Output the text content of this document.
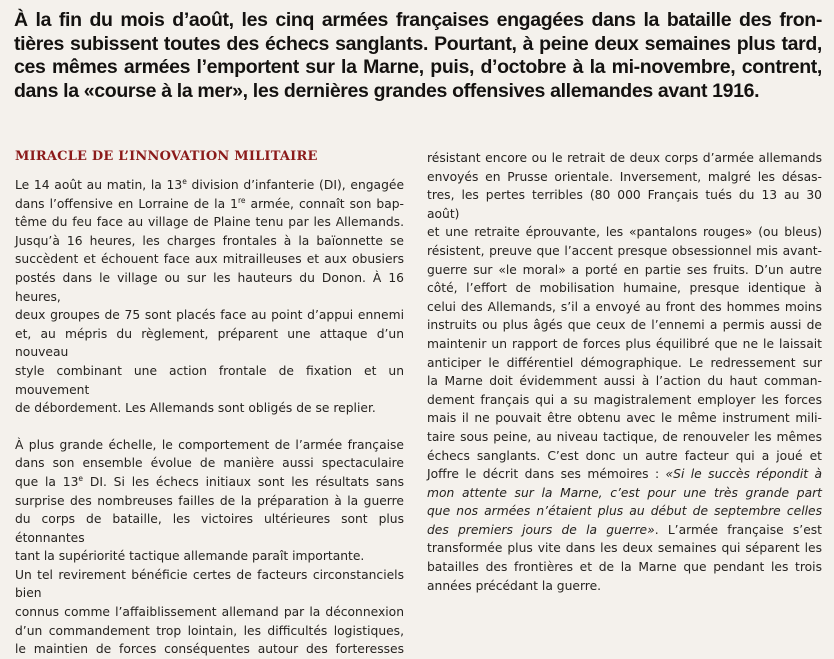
À la fin du mois d’août, les cinq armées françaises engagées dans la bataille des fron-
tières subissent toutes des échecs sanglants. Pourtant, à peine deux semaines plus tard,
ces mêmes armées l’emportent sur la Marne, puis, d’octobre à la mi-novembre, contrent,
dans la «course à la mer», les dernières grandes offensives allemandes avant 1916.
MIRACLE DE L’INNOVATION MILITAIRE
Le 14 août au matin, la 13e division d’infanterie (DI), engagée
dans l’offensive en Lorraine de la 1re armée, connaît son bap-
tême du feu face au village de Plaine tenu par les Allemands.
Jusqu’à 16 heures, les charges frontales à la baïonnette se
succèdent et échouent face aux mitrailleuses et aux obusiers
postés dans le village ou sur les hauteurs du Donon. À 16 heures,
deux groupes de 75 sont placés face au point d’appui ennemi
et, au mépris du règlement, préparent une attaque d’un nouveau
style combinant une action frontale de fixation et un mouvement
de débordement. Les Allemands sont obligés de se replier.
À plus grande échelle, le comportement de l’armée française
dans son ensemble évolue de manière aussi spectaculaire
que la 13e DI. Si les échecs initiaux sont les résultats sans
surprise des nombreuses failles de la préparation à la guerre
du corps de bataille, les victoires ultérieures sont plus étonnantes
tant la supériorité tactique allemande paraît importante.
Un tel revirement bénéficie certes de facteurs circonstanciels bien
connus comme l’affaiblissement allemand par la déconnexion
d’un commandement trop lointain, les difficultés logistiques,
le maintien de forces conséquentes autour des forteresses
résistant encore ou le retrait de deux corps d’armée allemands
envoyés en Prusse orientale. Inversement, malgré les désas-
tres, les pertes terribles (80 000 Français tués du 13 au 30 août)
et une retraite éprouvante, les «pantalons rouges» (ou bleus)
résistent, preuve que l’accent presque obsessionnel mis avant-
guerre sur «le moral» a porté en partie ses fruits. D’un autre
côté, l’effort de mobilisation humaine, presque identique à
celui des Allemands, s’il a envoyé au front des hommes moins
instruits ou plus âgés que ceux de l’ennemi a permis aussi de
maintenir un rapport de forces plus équilibré que ne le laissait
anticiper le différentiel démographique. Le redressement sur
la Marne doit évidemment aussi à l’action du haut comman-
dement français qui a su magistralement employer les forces
mais il ne pouvait être obtenu avec le même instrument mili-
taire sous peine, au niveau tactique, de renouveler les mêmes
échecs sanglants. C’est donc un autre facteur qui a joué et
Joffre le décrit dans ses mémoires : «Si le succès répondit à
mon attente sur la Marne, c’est pour une très grande part
que nos armées n’étaient plus au début de septembre celles
des premiers jours de la guerre». L’armée française s’est
transformée plus vite dans les deux semaines qui séparent les
batailles des frontières et de la Marne que pendant les trois
années précédant la guerre.
